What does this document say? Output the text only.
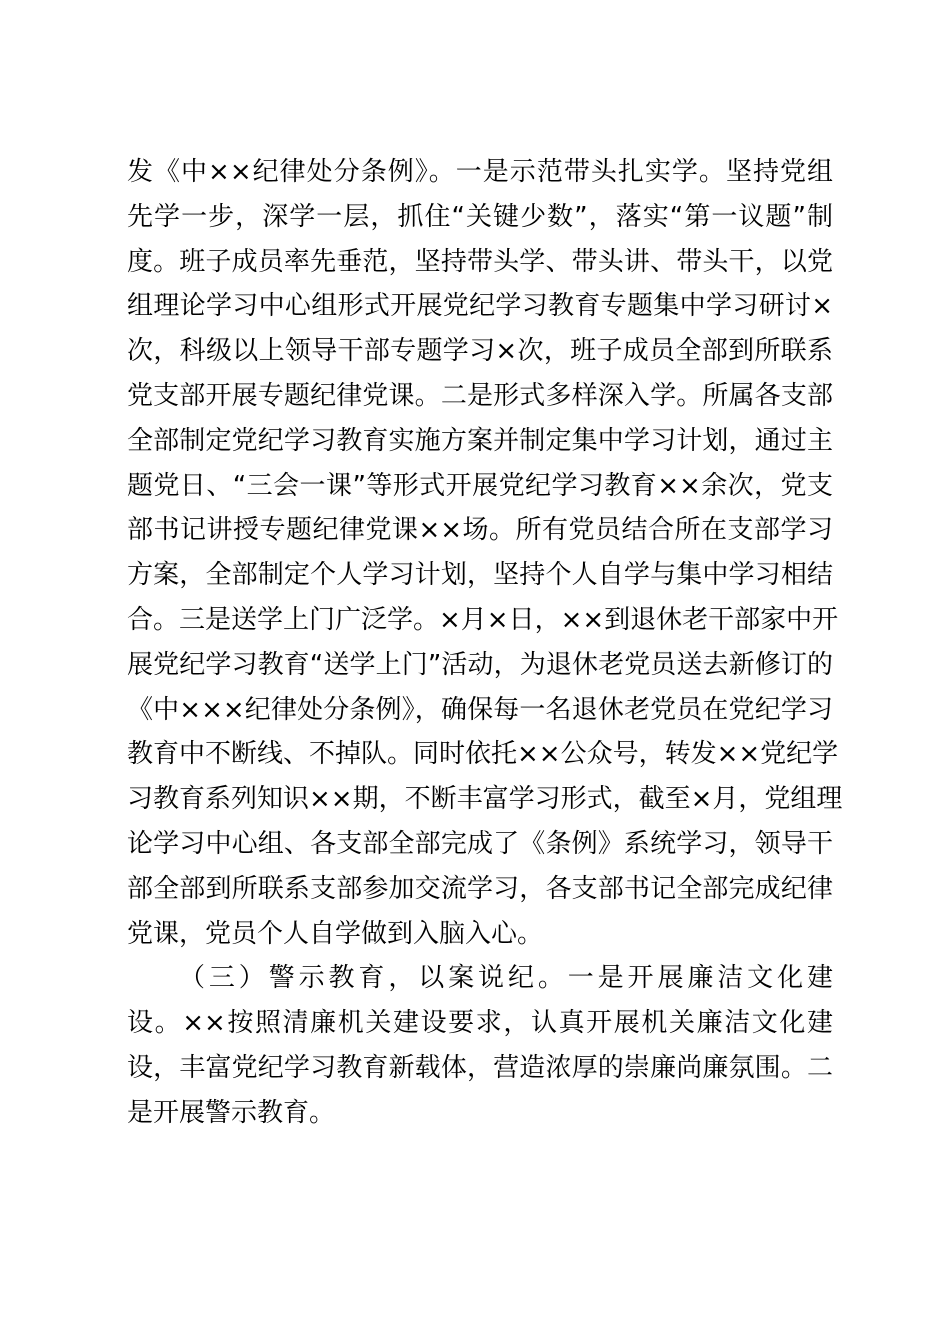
发《中××纪律处分条例》。一是示范带头扎实学。坚持党组
先学一步，深学一层，抓住“关键少数”，落实“第一议题”制
度。班子成员率先垂范，坚持带头学、带头讲、带头干，以党
组理论学习中心组形式开展党纪学习教育专题集中学习研讨×
次，科级以上领导干部专题学习×次，班子成员全部到所联系
党支部开展专题纪律党课。二是形式多样深入学。所属各支部
全部制定党纪学习教育实施方案并制定集中学习计划，通过主
题党日、“三会一课”等形式开展党纪学习教育××余次，党支
部书记讲授专题纪律党课××场。所有党员结合所在支部学习
方案，全部制定个人学习计划，坚持个人自学与集中学习相结
合。三是送学上门广泛学。×月×日，××到退休老干部家中开
展党纪学习教育“送学上门”活动，为退休老党员送去新修订的
《中×××纪律处分条例》，确保每一名退休老党员在党纪学习
教育中不断线、不掉队。同时依托××公众号，转发××党纪学
习教育系列知识××期，不断丰富学习形式，截至×月，党组理
论学习中心组、各支部全部完成了《条例》系统学习，领导干
部全部到所联系支部参加交流学习，各支部书记全部完成纪律
党课，党员个人自学做到入脑入心。
（三）警示教育，以案说纪。一是开展廉洁文化建
设。××按照清廉机关建设要求，认真开展机关廉洁文化建
设，丰富党纪学习教育新载体，营造浓厚的崇廉尚廉氛围。二
是开展警示教育。
